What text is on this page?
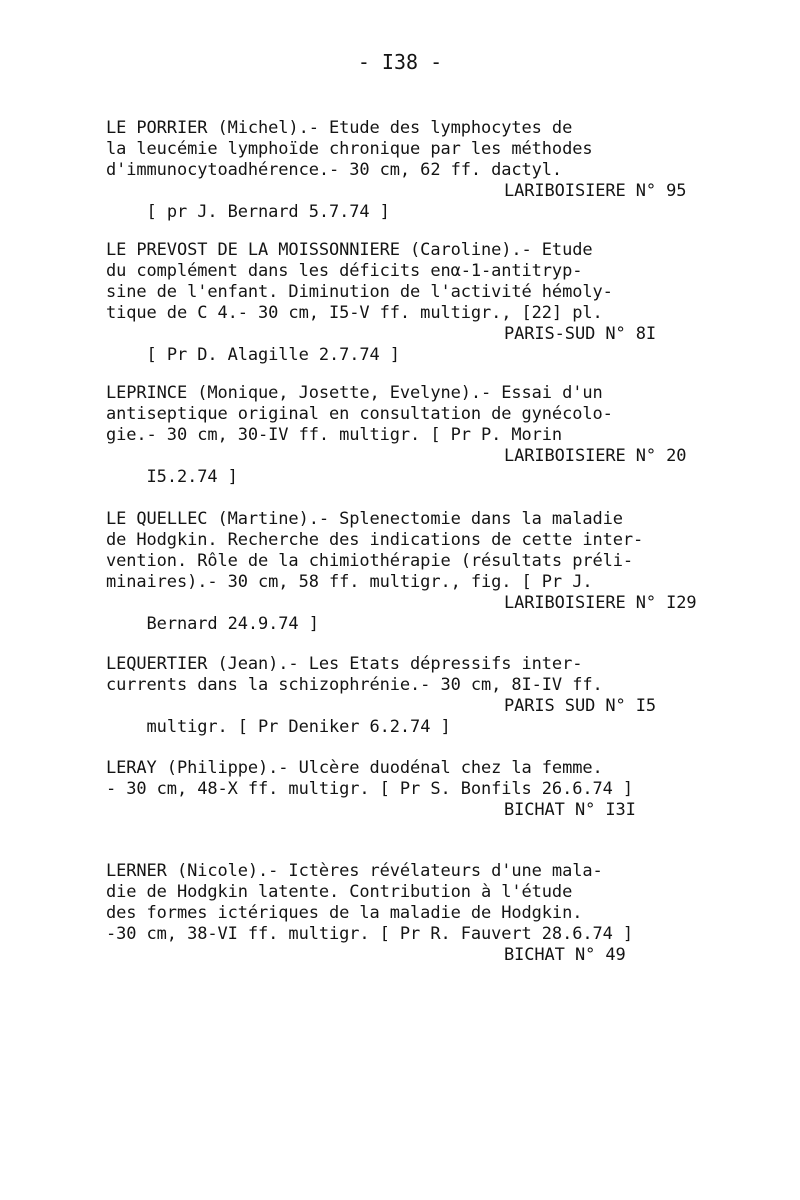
- I38 -
LE PORRIER (Michel).- Etude des lymphocytes de
la leucémie lymphoïde chronique par les méthodes
d'immunocytoadhérence.- 30 cm, 62 ff. dactyl.

[ pr J. Bernard 5.7.74 ]

LARIBOISIERE N° 95

LE PREVOST DE LA MOISSONNIERE (Caroline).- Etude
du complément dans les déficits enα-1-antitryp-
sine de l'enfant. Diminution de l'activité hémoly-
tique de C 4.- 30 cm, I5-V ff. multigr., [22] pl.

[ Pr D. Alagille 2.7.74 ]

PARIS-SUD N° 8I

LEPRINCE (Monique, Josette, Evelyne).- Essai d'un
antiseptique original en consultation de gynécolo-
gie.- 30 cm, 30-IV ff. multigr. [ Pr P. Morin

I5.2.74 ]

LARIBOISIERE N° 20

LE QUELLEC (Martine).- Splenectomie dans la maladie
de Hodgkin. Recherche des indications de cette inter-
vention. Rôle de la chimiothérapie (résultats préli-
minaires).- 30 cm, 58 ff. multigr., fig. [ Pr J.

Bernard 24.9.74 ]

LARIBOISIERE N° I29

LEQUERTIER (Jean).- Les Etats dépressifs inter-
currents dans la schizophrénie.- 30 cm, 8I-IV ff.

multigr. [ Pr Deniker 6.2.74 ]

PARIS SUD N° I5

LERAY (Philippe).- Ulcère duodénal chez la femme.
- 30 cm, 48-X ff. multigr. [ Pr S. Bonfils 26.6.74 ]

BICHAT N° I3I

LERNER (Nicole).- Ictères révélateurs d'une mala-
die de Hodgkin latente. Contribution à l'étude
des formes ictériques de la maladie de Hodgkin.
-30 cm, 38-VI ff. multigr. [ Pr R. Fauvert 28.6.74 ]

BICHAT N° 49
